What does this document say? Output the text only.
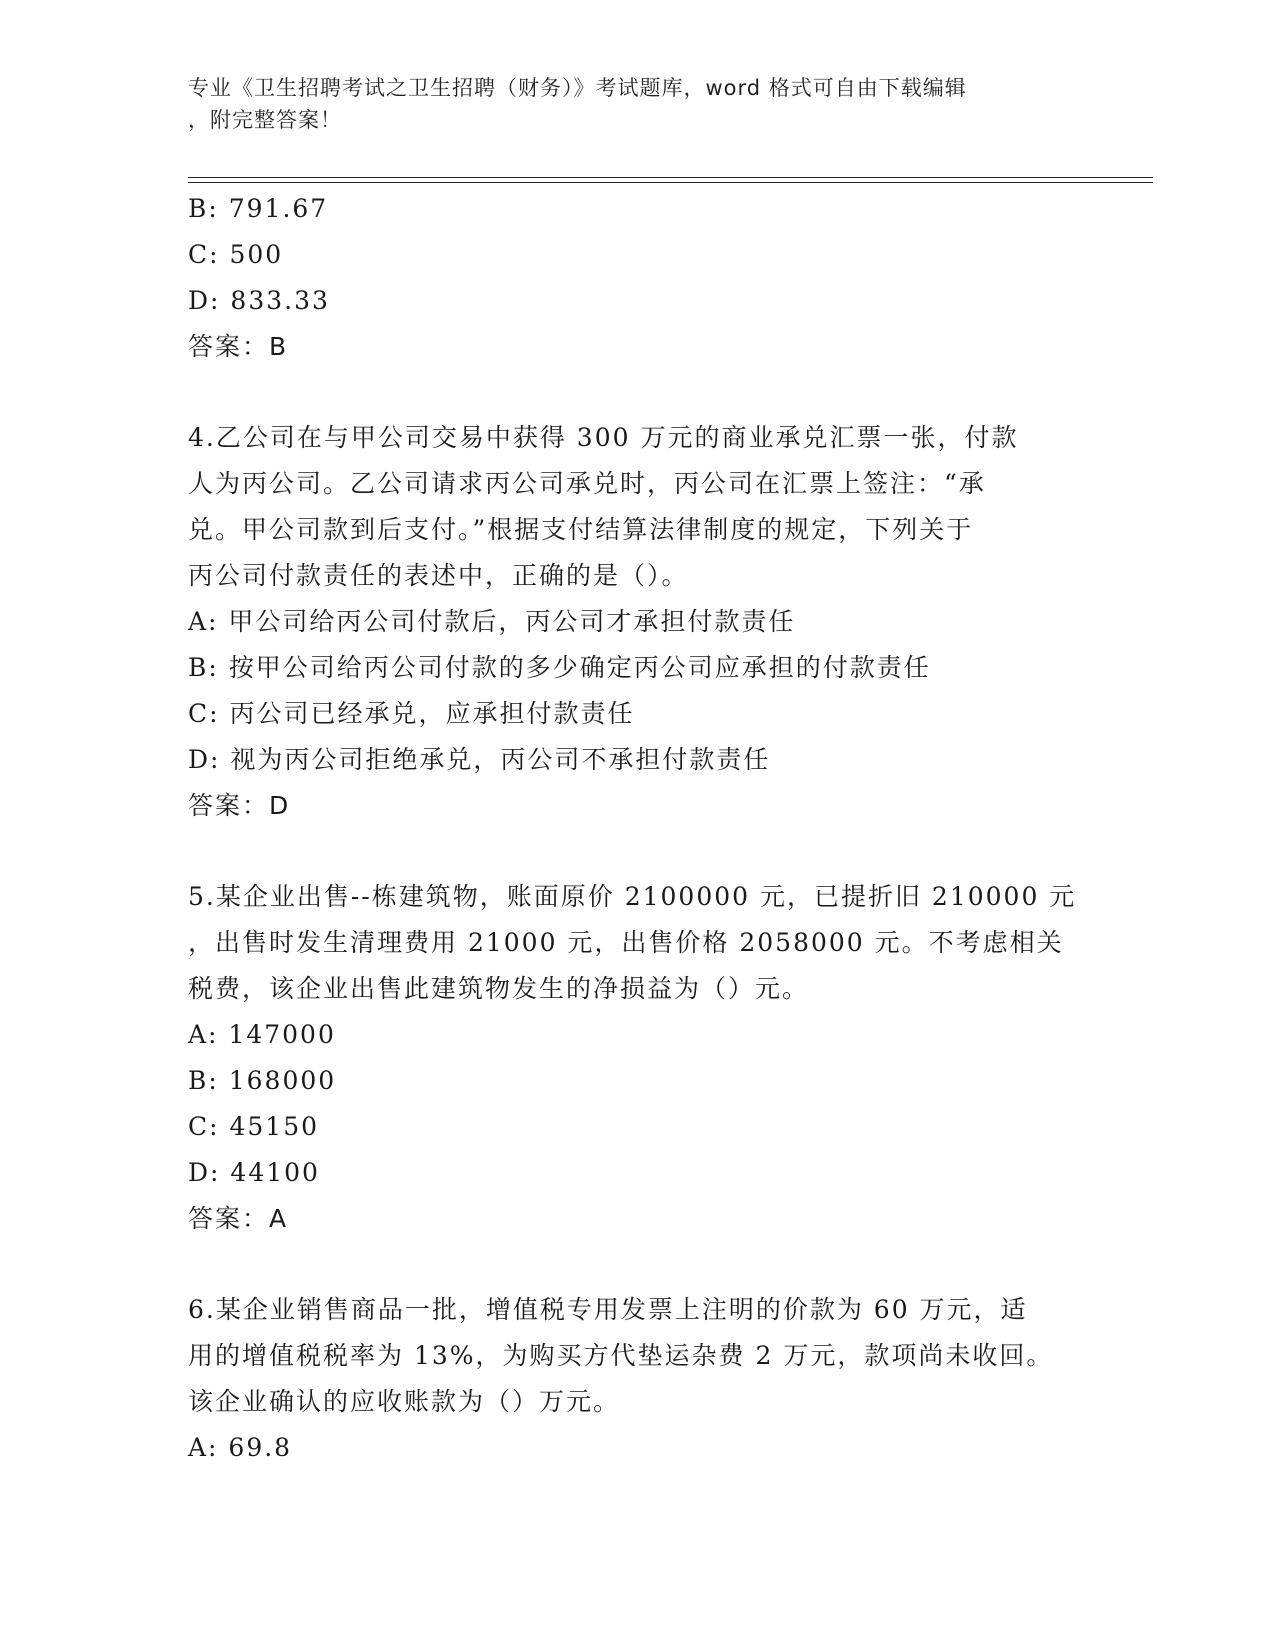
专业《卫生招聘考试之卫生招聘（财务）》考试题库，word 格式可自由下载编辑
，附完整答案！
B: 791.67
C: 500
D: 833.33
答案：B
4.乙公司在与甲公司交易中获得 300 万元的商业承兑汇票一张，付款
人为丙公司。乙公司请求丙公司承兑时，丙公司在汇票上签注：“承
兑。甲公司款到后支付。”根据支付结算法律制度的规定，下列关于
丙公司付款责任的表述中，正确的是（）。
A: 甲公司给丙公司付款后，丙公司才承担付款责任
B: 按甲公司给丙公司付款的多少确定丙公司应承担的付款责任
C: 丙公司已经承兑，应承担付款责任
D: 视为丙公司拒绝承兑，丙公司不承担付款责任
答案：D
5.某企业出售--栋建筑物，账面原价 2100000 元，已提折旧 210000 元
，出售时发生清理费用 21000 元，出售价格 2058000 元。不考虑相关
税费，该企业出售此建筑物发生的净损益为（）元。
A: 147000
B: 168000
C: 45150
D: 44100
答案：A
6.某企业销售商品一批，增值税专用发票上注明的价款为 60 万元，适
用的增值税税率为 13%，为购买方代垫运杂费 2 万元，款项尚未收回。
该企业确认的应收账款为（）万元。
A: 69.8
